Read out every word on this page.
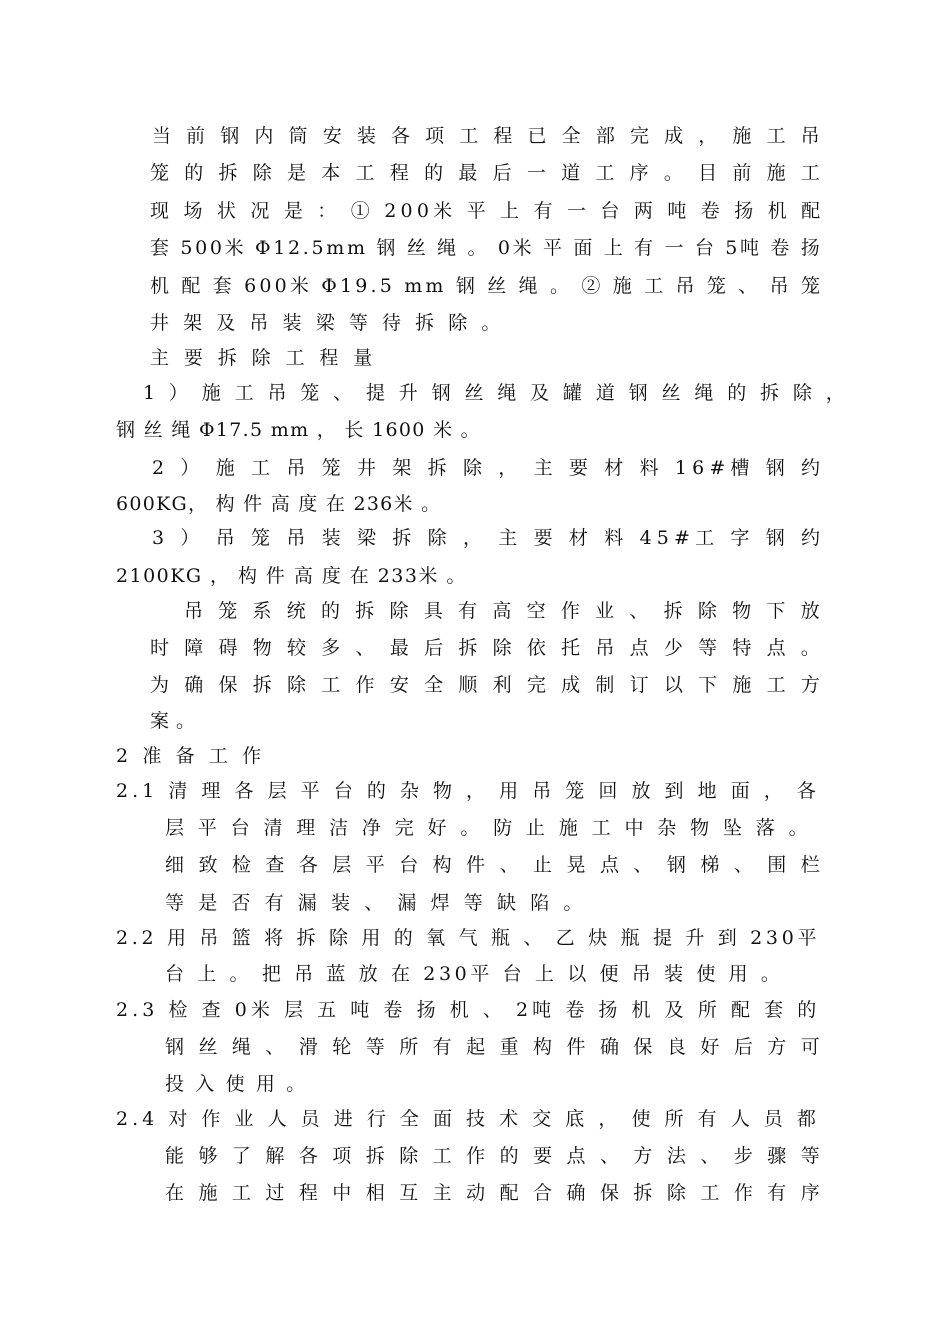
当 前 钢 内 筒 安 装 各 项 工 程 已 全 部 完 成 ， 施 工 吊
笼 的 拆 除 是 本 工 程 的 最 后 一 道 工 序 。 目 前 施 工
现 场 状 况 是 ： ① 200米 平 上 有 一 台 两 吨 卷 扬 机 配
套 500米 Φ12.5mm 钢 丝 绳 。 0米 平 面 上 有 一 台 5吨 卷 扬
机 配 套 600米 Φ19.5 mm 钢 丝 绳 。 ② 施 工 吊 笼 、 吊 笼
井 架 及 吊 装 梁 等 待 拆 除 。
主 要 拆 除 工 程 量
1 ） 施 工 吊 笼 、 提 升 钢 丝 绳 及 罐 道 钢 丝 绳 的 拆 除 ，
钢 丝 绳 Φ17.5 mm ， 长 1600 米 。
2 ） 施 工 吊 笼 井 架 拆 除 ， 主 要 材 料 16#槽 钢 约
600KG， 构 件 高 度 在 236米 。
3 ） 吊 笼 吊 装 梁 拆 除 ， 主 要 材 料 45#工 字 钢 约
2100KG ， 构 件 高 度 在 233米 。
吊 笼 系 统 的 拆 除 具 有 高 空 作 业 、 拆 除 物 下 放
时 障 碍 物 较 多 、 最 后 拆 除 依 托 吊 点 少 等 特 点 。
为 确 保 拆 除 工 作 安 全 顺 利 完 成 制 订 以 下 施 工 方
案 。
2 准 备 工 作
2.1 清 理 各 层 平 台 的 杂 物 ， 用 吊 笼 回 放 到 地 面 ， 各
层 平 台 清 理 洁 净 完 好 。 防 止 施 工 中 杂 物 坠 落 。
细 致 检 查 各 层 平 台 构 件 、 止 晃 点 、 钢 梯 、 围 栏
等 是 否 有 漏 装 、 漏 焊 等 缺 陷 。
2.2 用 吊 篮 将 拆 除 用 的 氧 气 瓶 、 乙 炔 瓶 提 升 到 230平
台 上 。 把 吊 蓝 放 在 230平 台 上 以 便 吊 装 使 用 。
2.3 检 查 0米 层 五 吨 卷 扬 机 、 2吨 卷 扬 机 及 所 配 套 的
钢 丝 绳 、 滑 轮 等 所 有 起 重 构 件 确 保 良 好 后 方 可
投 入 使 用 。
2.4 对 作 业 人 员 进 行 全 面 技 术 交 底 ， 使 所 有 人 员 都
能 够 了 解 各 项 拆 除 工 作 的 要 点 、 方 法 、 步 骤 等
在 施 工 过 程 中 相 互 主 动 配 合 确 保 拆 除 工 作 有 序
